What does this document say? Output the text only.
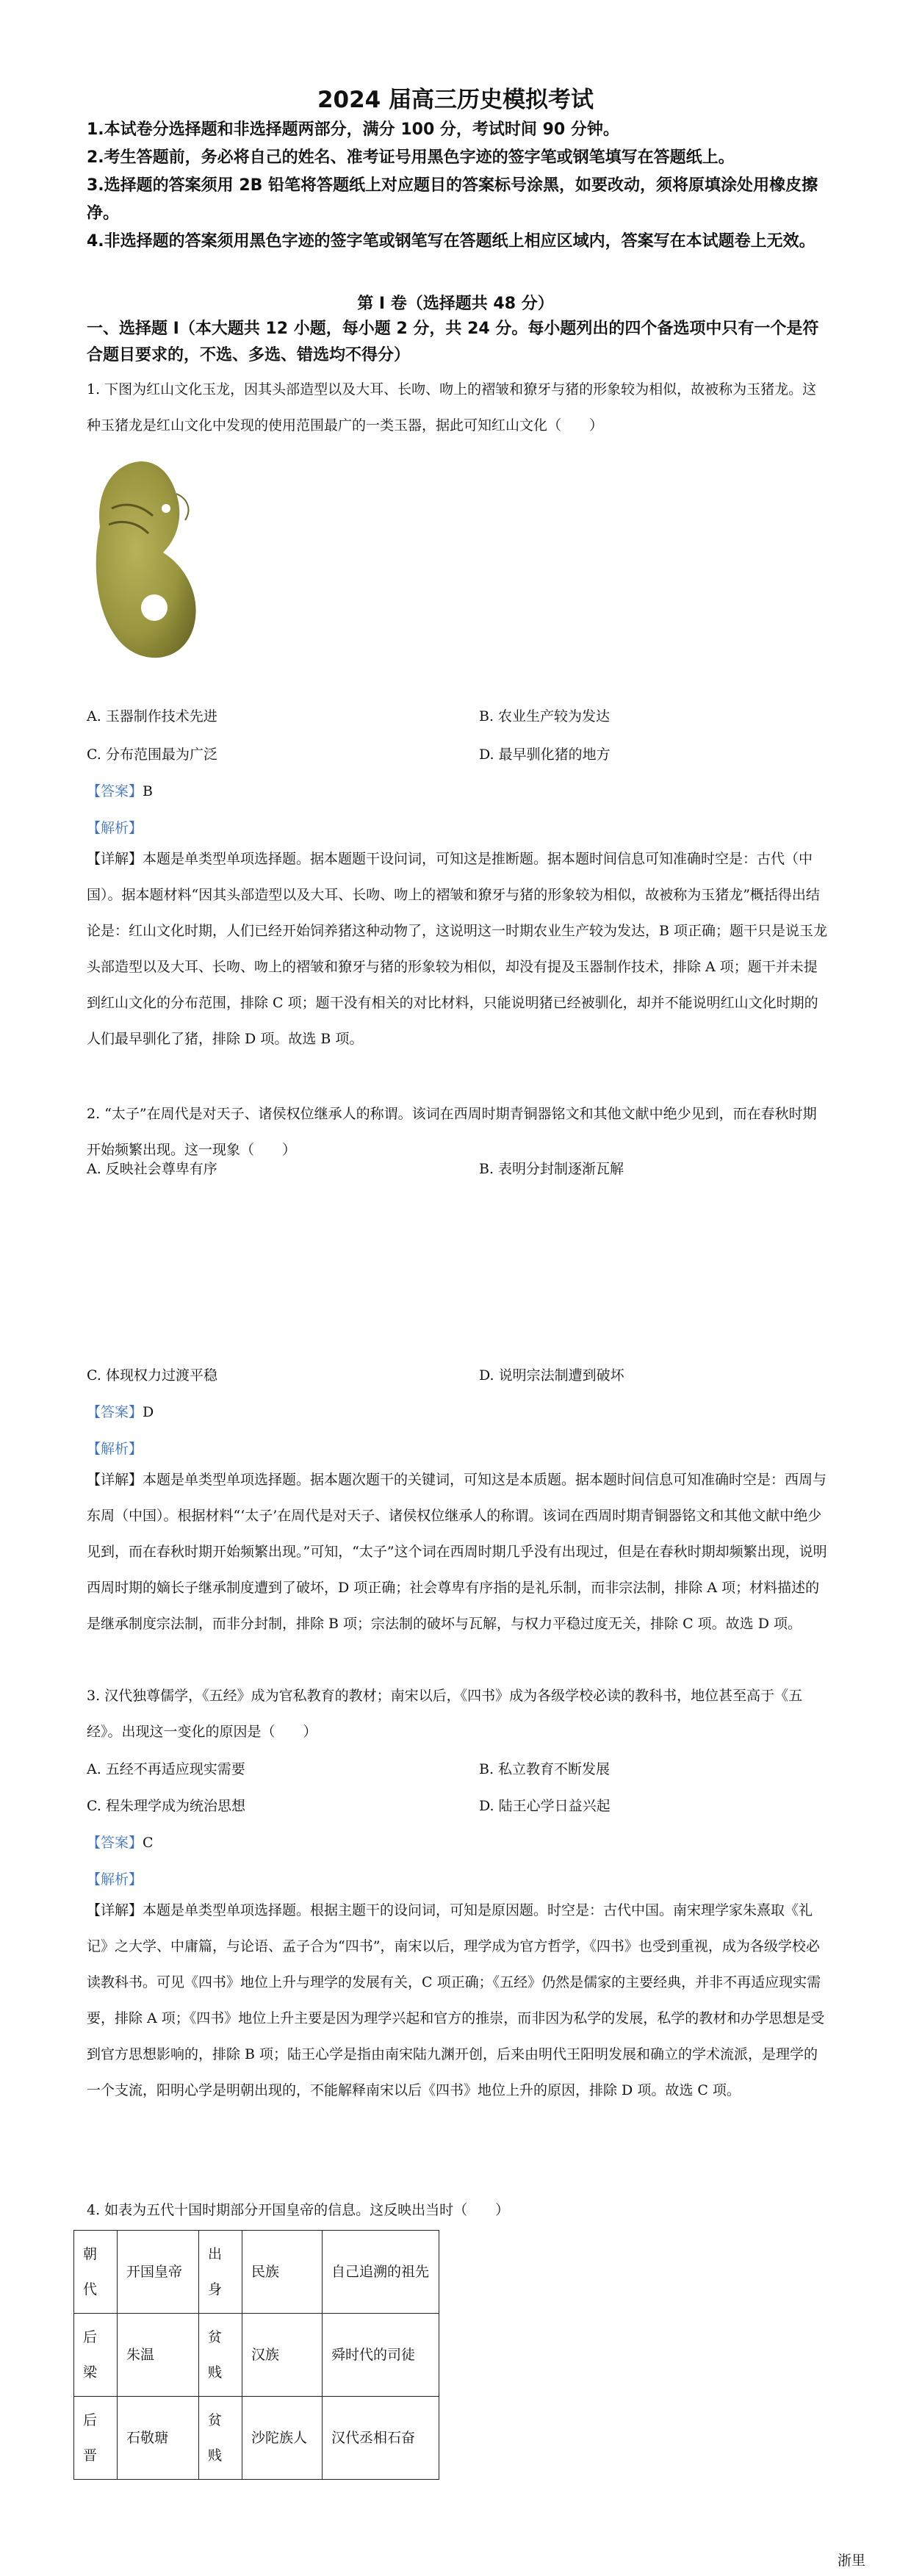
2024 届高三历史模拟考试
1.本试卷分选择题和非选择题两部分，满分 100 分，考试时间 90 分钟。
2.考生答题前，务必将自己的姓名、准考证号用黑色字迹的签字笔或钢笔填写在答题纸上。
3.选择题的答案须用 2B 铅笔将答题纸上对应题目的答案标号涂黑，如要改动，须将原填涂处用橡皮擦净。
4.非选择题的答案须用黑色字迹的签字笔或钢笔写在答题纸上相应区域内，答案写在本试题卷上无效。
第 I 卷（选择题共 48 分）
一、选择题 I（本大题共 12 小题，每小题 2 分，共 24 分。每小题列出的四个备选项中只有一个是符合题目要求的，不选、多选、错选均不得分）
1. 下图为红山文化玉龙，因其头部造型以及大耳、长吻、吻上的褶皱和獠牙与猪的形象较为相似，故被称为玉猪龙。这种玉猪龙是红山文化中发现的使用范围最广的一类玉器，据此可知红山文化（　　）
A. 玉器制作技术先进	B. 农业生产较为发达
C. 分布范围最为广泛	D. 最早驯化猪的地方
【答案】B
【解析】
【详解】本题是单类型单项选择题。据本题题干设问词，可知这是推断题。据本题时间信息可知准确时空是：古代（中国）。据本题材料“因其头部造型以及大耳、长吻、吻上的褶皱和獠牙与猪的形象较为相似，故被称为玉猪龙”概括得出结论是：红山文化时期，人们已经开始饲养猪这种动物了，这说明这一时期农业生产较为发达，B 项正确；题干只是说玉龙头部造型以及大耳、长吻、吻上的褶皱和獠牙与猪的形象较为相似，却没有提及玉器制作技术，排除 A 项；题干并未提到红山文化的分布范围，排除 C 项；题干没有相关的对比材料，只能说明猪已经被驯化，却并不能说明红山文化时期的人们最早驯化了猪，排除 D 项。故选 B 项。
2. “太子”在周代是对天子、诸侯权位继承人的称谓。该词在西周时期青铜器铭文和其他文献中绝少见到，而在春秋时期开始频繁出现。这一现象（　　）
A. 反映社会尊卑有序	B. 表明分封制逐渐瓦解
C. 体现权力过渡平稳	D. 说明宗法制遭到破坏
【答案】D
【解析】
【详解】本题是单类型单项选择题。据本题次题干的关键词，可知这是本质题。据本题时间信息可知准确时空是：西周与东周（中国）。根据材料“‘太子’在周代是对天子、诸侯权位继承人的称谓。该词在西周时期青铜器铭文和其他文献中绝少见到，而在春秋时期开始频繁出现。”可知，“太子”这个词在西周时期几乎没有出现过，但是在春秋时期却频繁出现，说明西周时期的嫡长子继承制度遭到了破坏，D 项正确；社会尊卑有序指的是礼乐制，而非宗法制，排除 A 项；材料描述的是继承制度宗法制，而非分封制，排除 B 项；宗法制的破坏与瓦解，与权力平稳过度无关，排除 C 项。故选 D 项。
3. 汉代独尊儒学，《五经》成为官私教育的教材；南宋以后，《四书》成为各级学校必读的教科书，地位甚至高于《五经》。出现这一变化的原因是（　　）
A. 五经不再适应现实需要	B. 私立教育不断发展
C. 程朱理学成为统治思想	D. 陆王心学日益兴起
【答案】C
【解析】
【详解】本题是单类型单项选择题。根据主题干的设问词，可知是原因题。时空是：古代中国。南宋理学家朱熹取《礼记》之大学、中庸篇，与论语、孟子合为“四书”，南宋以后，理学成为官方哲学，《四书》也受到重视，成为各级学校必读教科书。可见《四书》地位上升与理学的发展有关，C 项正确；《五经》仍然是儒家的主要经典，并非不再适应现实需要，排除 A 项；《四书》地位上升主要是因为理学兴起和官方的推崇，而非因为私学的发展，私学的教材和办学思想是受到官方思想影响的，排除 B 项；陆王心学是指由南宋陆九渊开创，后来由明代王阳明发展和确立的学术流派，是理学的一个支流，阳明心学是明朝出现的，不能解释南宋以后《四书》地位上升的原因，排除 D 项。故选 C 项。
4. 如表为五代十国时期部分开国皇帝的信息。这反映出当时（　　）
朝代	开国皇帝	出身	民族	自己追溯的祖先
后梁	朱温	贫贱	汉族	舜时代的司徒
后晋	石敬瑭	贫贱	沙陀族人	汉代丞相石奋
浙里
